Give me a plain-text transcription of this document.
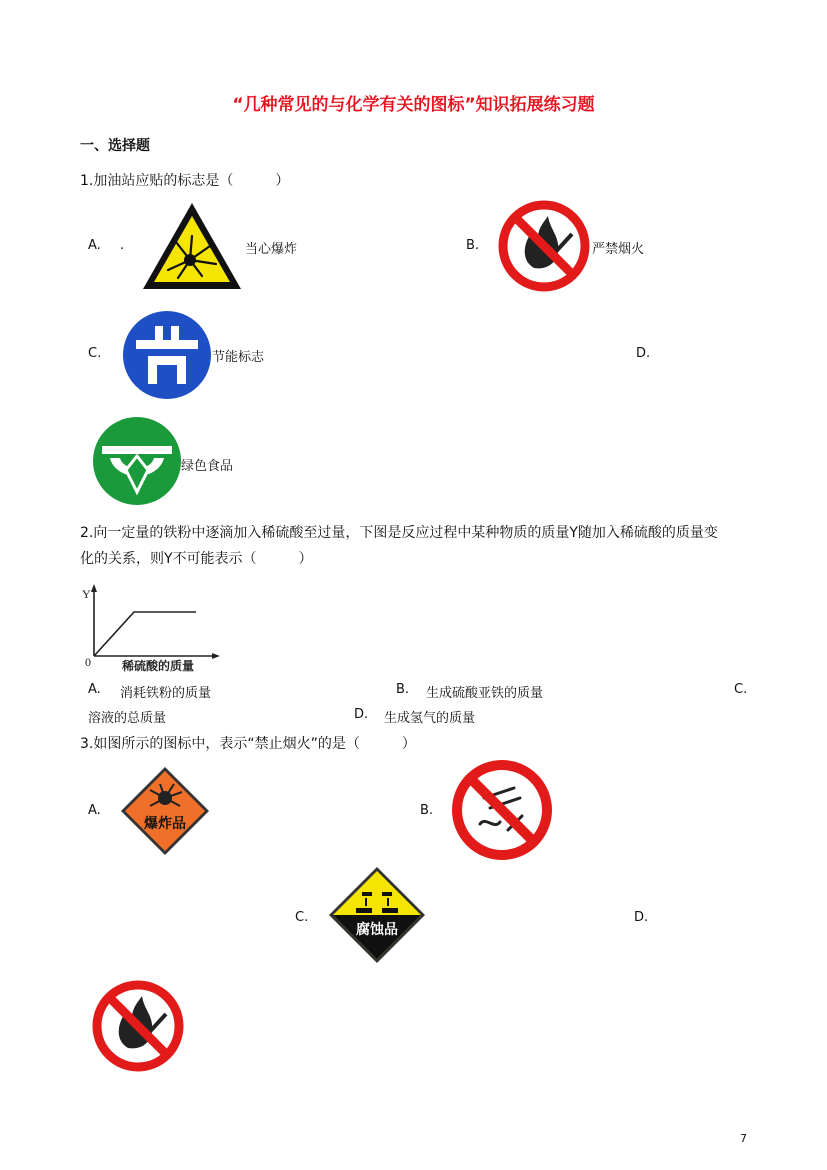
“几种常见的与化学有关的图标”知识拓展练习题
一、选择题
1.加油站应贴的标志是（　　　）
A. .	当心爆炸	B.	严禁烟火
C.	节能标志	D.
绿色食品
2.向一定量的铁粉中逐滴加入稀硫酸至过量，下图是反应过程中某种物质的质量Y随加入稀硫酸的质量变
化的关系，则Y不可能表示（　　　）
Y
0	稀硫酸的质量
A. 消耗铁粉的质量	B. 生成硫酸亚铁的质量	C.
溶液的总质量	D. 生成氢气的质量
3.如图所示的图标中，表示“禁止烟火”的是（　　　）
A.
爆炸品
B.
C.
腐蚀品
D.
7
